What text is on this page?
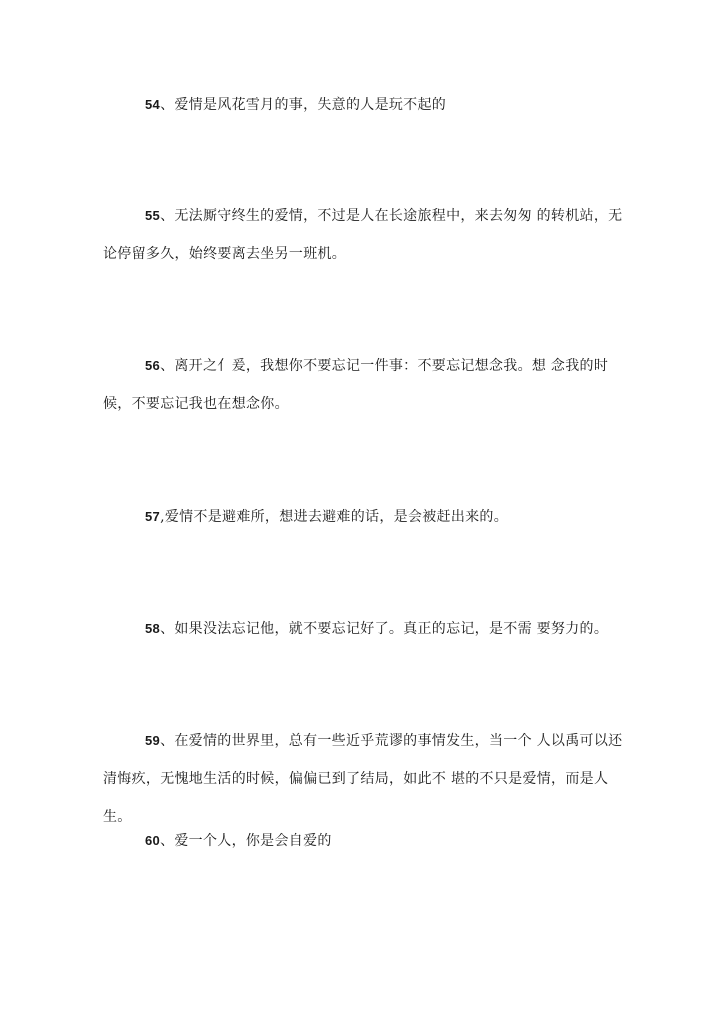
54、爱情是风花雪月的事，失意的人是玩不起的

55、无法厮守终生的爱情，不过是人在长途旅程中，来去匆匆 的转机站，无论停留多久，始终要离去坐另一班机。

56、离开之亻爰，我想你不要忘记一件事：不要忘记想念我。想 念我的时候，不要忘记我也在想念你。

57,爱情不是避难所，想进去避难的话，是会被赶出来的。

58、如果没法忘记他，就不要忘记好了。真正的忘记，是不需 要努力的。

59、在爱情的世界里，总有一些近乎荒谬的事情发生，当一个 人以禹可以还清悔疚，无愧地生活的时候，偏偏已到了结局，如此不 堪的不只是爱情，而是人生。

60、爱一个人，你是会自爱的
